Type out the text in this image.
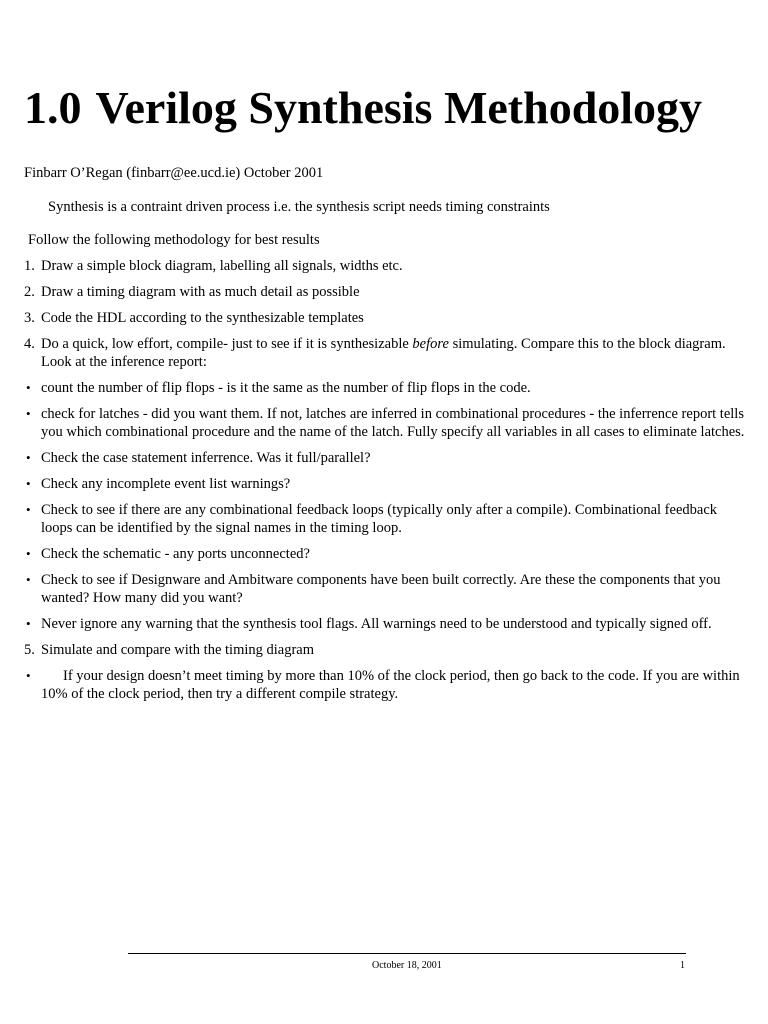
1.0 Verilog Synthesis Methodology
Finbarr O’Regan (finbarr@ee.ucd.ie) October 2001
Synthesis is a contraint driven process i.e. the synthesis script needs timing constraints
Follow the following methodology for best results
1. Draw a simple block diagram, labelling all signals, widths etc.
2. Draw a timing diagram with as much detail as possible
3. Code the HDL according to the synthesizable templates
4. Do a quick, low effort, compile- just to see if it is synthesizable before simulating. Compare this to the block diagram. Look at the inference report:
• count the number of flip flops - is it the same as the number of flip flops in the code.
• check for latches - did you want them. If not, latches are inferred in combinational procedures - the inferrence report tells you which combinational procedure and the name of the latch. Fully specify all variables in all cases to eliminate latches.
• Check the case statement inferrence. Was it full/parallel?
• Check any incomplete event list warnings?
• Check to see if there are any combinational feedback loops (typically only after a compile). Combinational feedback loops can be identified by the signal names in the timing loop.
• Check the schematic - any ports unconnected?
• Check to see if Designware and Ambitware components have been built correctly. Are these the components that you wanted? How many did you want?
• Never ignore any warning that the synthesis tool flags. All warnings need to be understood and typically signed off.
5. Simulate and compare with the timing diagram
•	If your design doesn’t meet timing by more than 10% of the clock period, then go back to the code. If you are within 10% of the clock period, then try a different compile strategy.
October 18, 2001	1
